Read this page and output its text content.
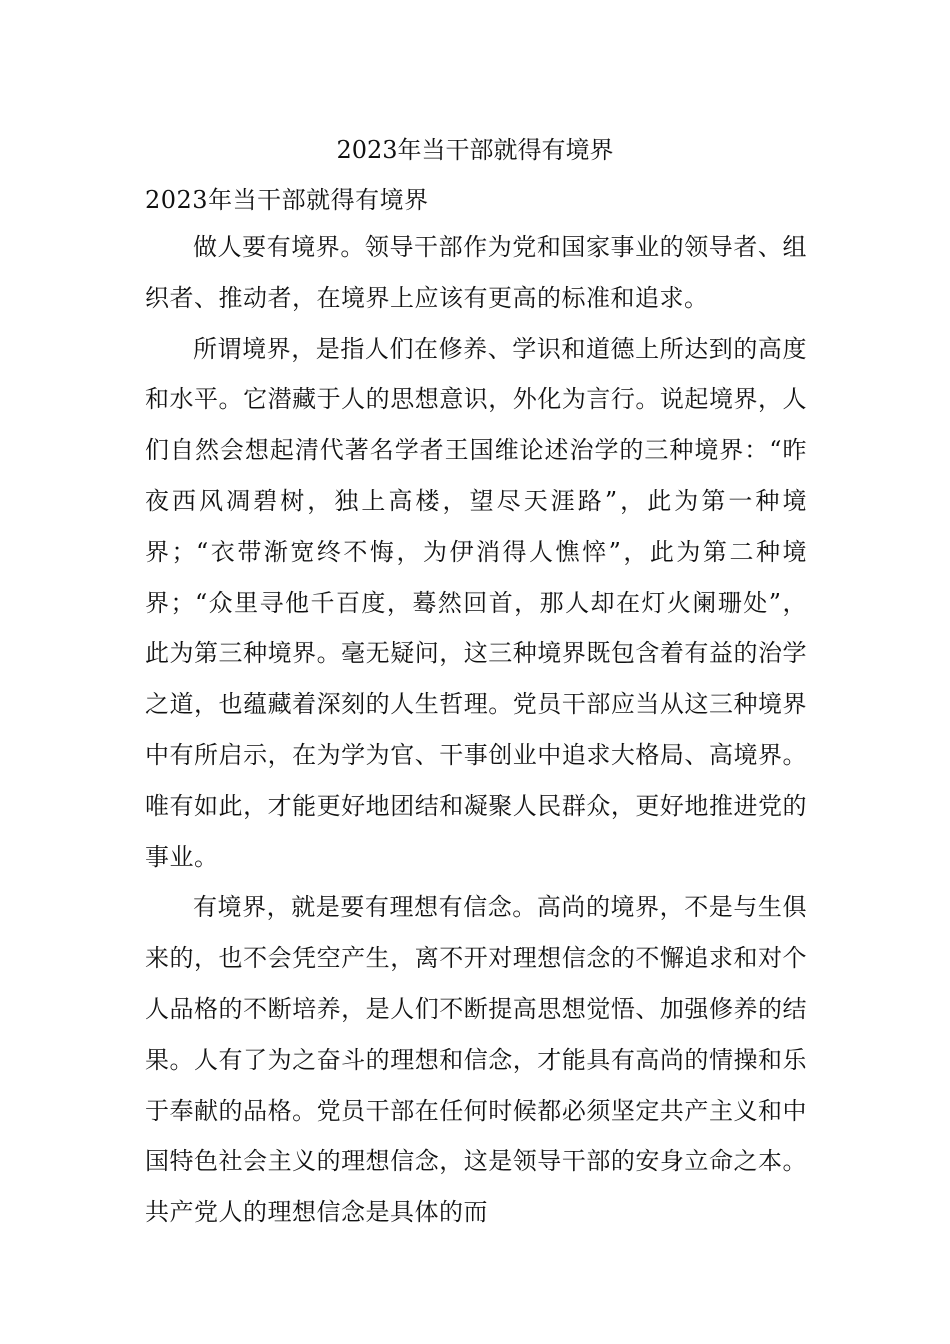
2023年当干部就得有境界

2023年当干部就得有境界

做人要有境界。领导干部作为党和国家事业的领导者、组织者、推动者，在境界上应该有更高的标准和追求。

所谓境界，是指人们在修养、学识和道德上所达到的高度和水平。它潜藏于人的思想意识，外化为言行。说起境界，人们自然会想起清代著名学者王国维论述治学的三种境界：“昨夜西风凋碧树，独上高楼，望尽天涯路”，此为第一种境界；“衣带渐宽终不悔，为伊消得人憔悴”，此为第二种境界；“众里寻他千百度，蓦然回首，那人却在灯火阑珊处”，此为第三种境界。毫无疑问，这三种境界既包含着有益的治学之道，也蕴藏着深刻的人生哲理。党员干部应当从这三种境界中有所启示，在为学为官、干事创业中追求大格局、高境界。唯有如此，才能更好地团结和凝聚人民群众，更好地推进党的事业。

有境界，就是要有理想有信念。高尚的境界，不是与生俱来的，也不会凭空产生，离不开对理想信念的不懈追求和对个人品格的不断培养，是人们不断提高思想觉悟、加强修养的结果。人有了为之奋斗的理想和信念，才能具有高尚的情操和乐于奉献的品格。党员干部在任何时候都必须坚定共产主义和中国特色社会主义的理想信念，这是领导干部的安身立命之本。共产党人的理想信念是具体的而
